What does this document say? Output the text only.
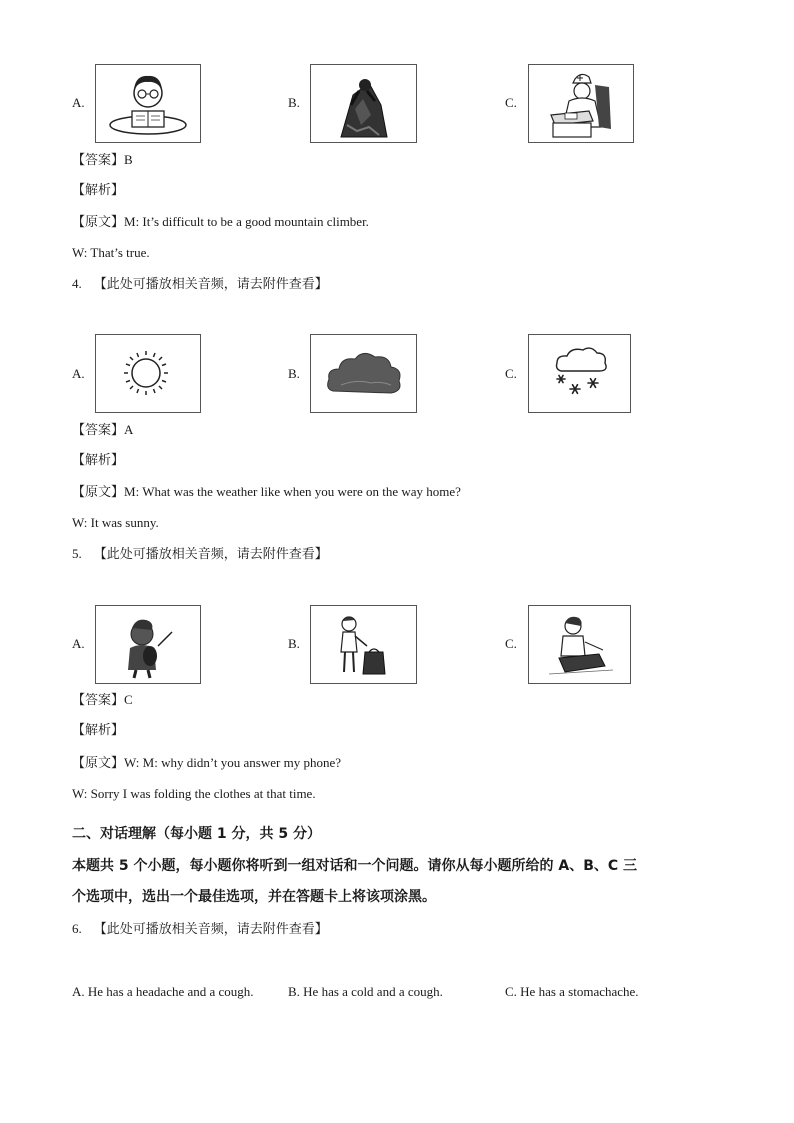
A.	B.	C.
【答案】B
【解析】
【原文】M: It’s difficult to be a good mountain climber.
W: That’s true.
4. 【此处可播放相关音频，请去附件查看】
A.	B.	C.
【答案】A
【解析】
【原文】M: What was the weather like when you were on the way home?
W: It was sunny.
5. 【此处可播放相关音频，请去附件查看】
A.	B.	C.
【答案】C
【解析】
【原文】W: M: why didn’t you answer my phone?
W: Sorry I was folding the clothes at that time.
二、对话理解（每小题 1 分，共 5 分）
本题共 5 个小题，每小题你将听到一组对话和一个问题。请你从每小题所给的 A、B、C 三
个选项中，选出一个最佳选项，并在答题卡上将该项涂黑。
6. 【此处可播放相关音频，请去附件查看】
A. He has a headache and a cough.	B. He has a cold and a cough.	C. He has a stomachache.
